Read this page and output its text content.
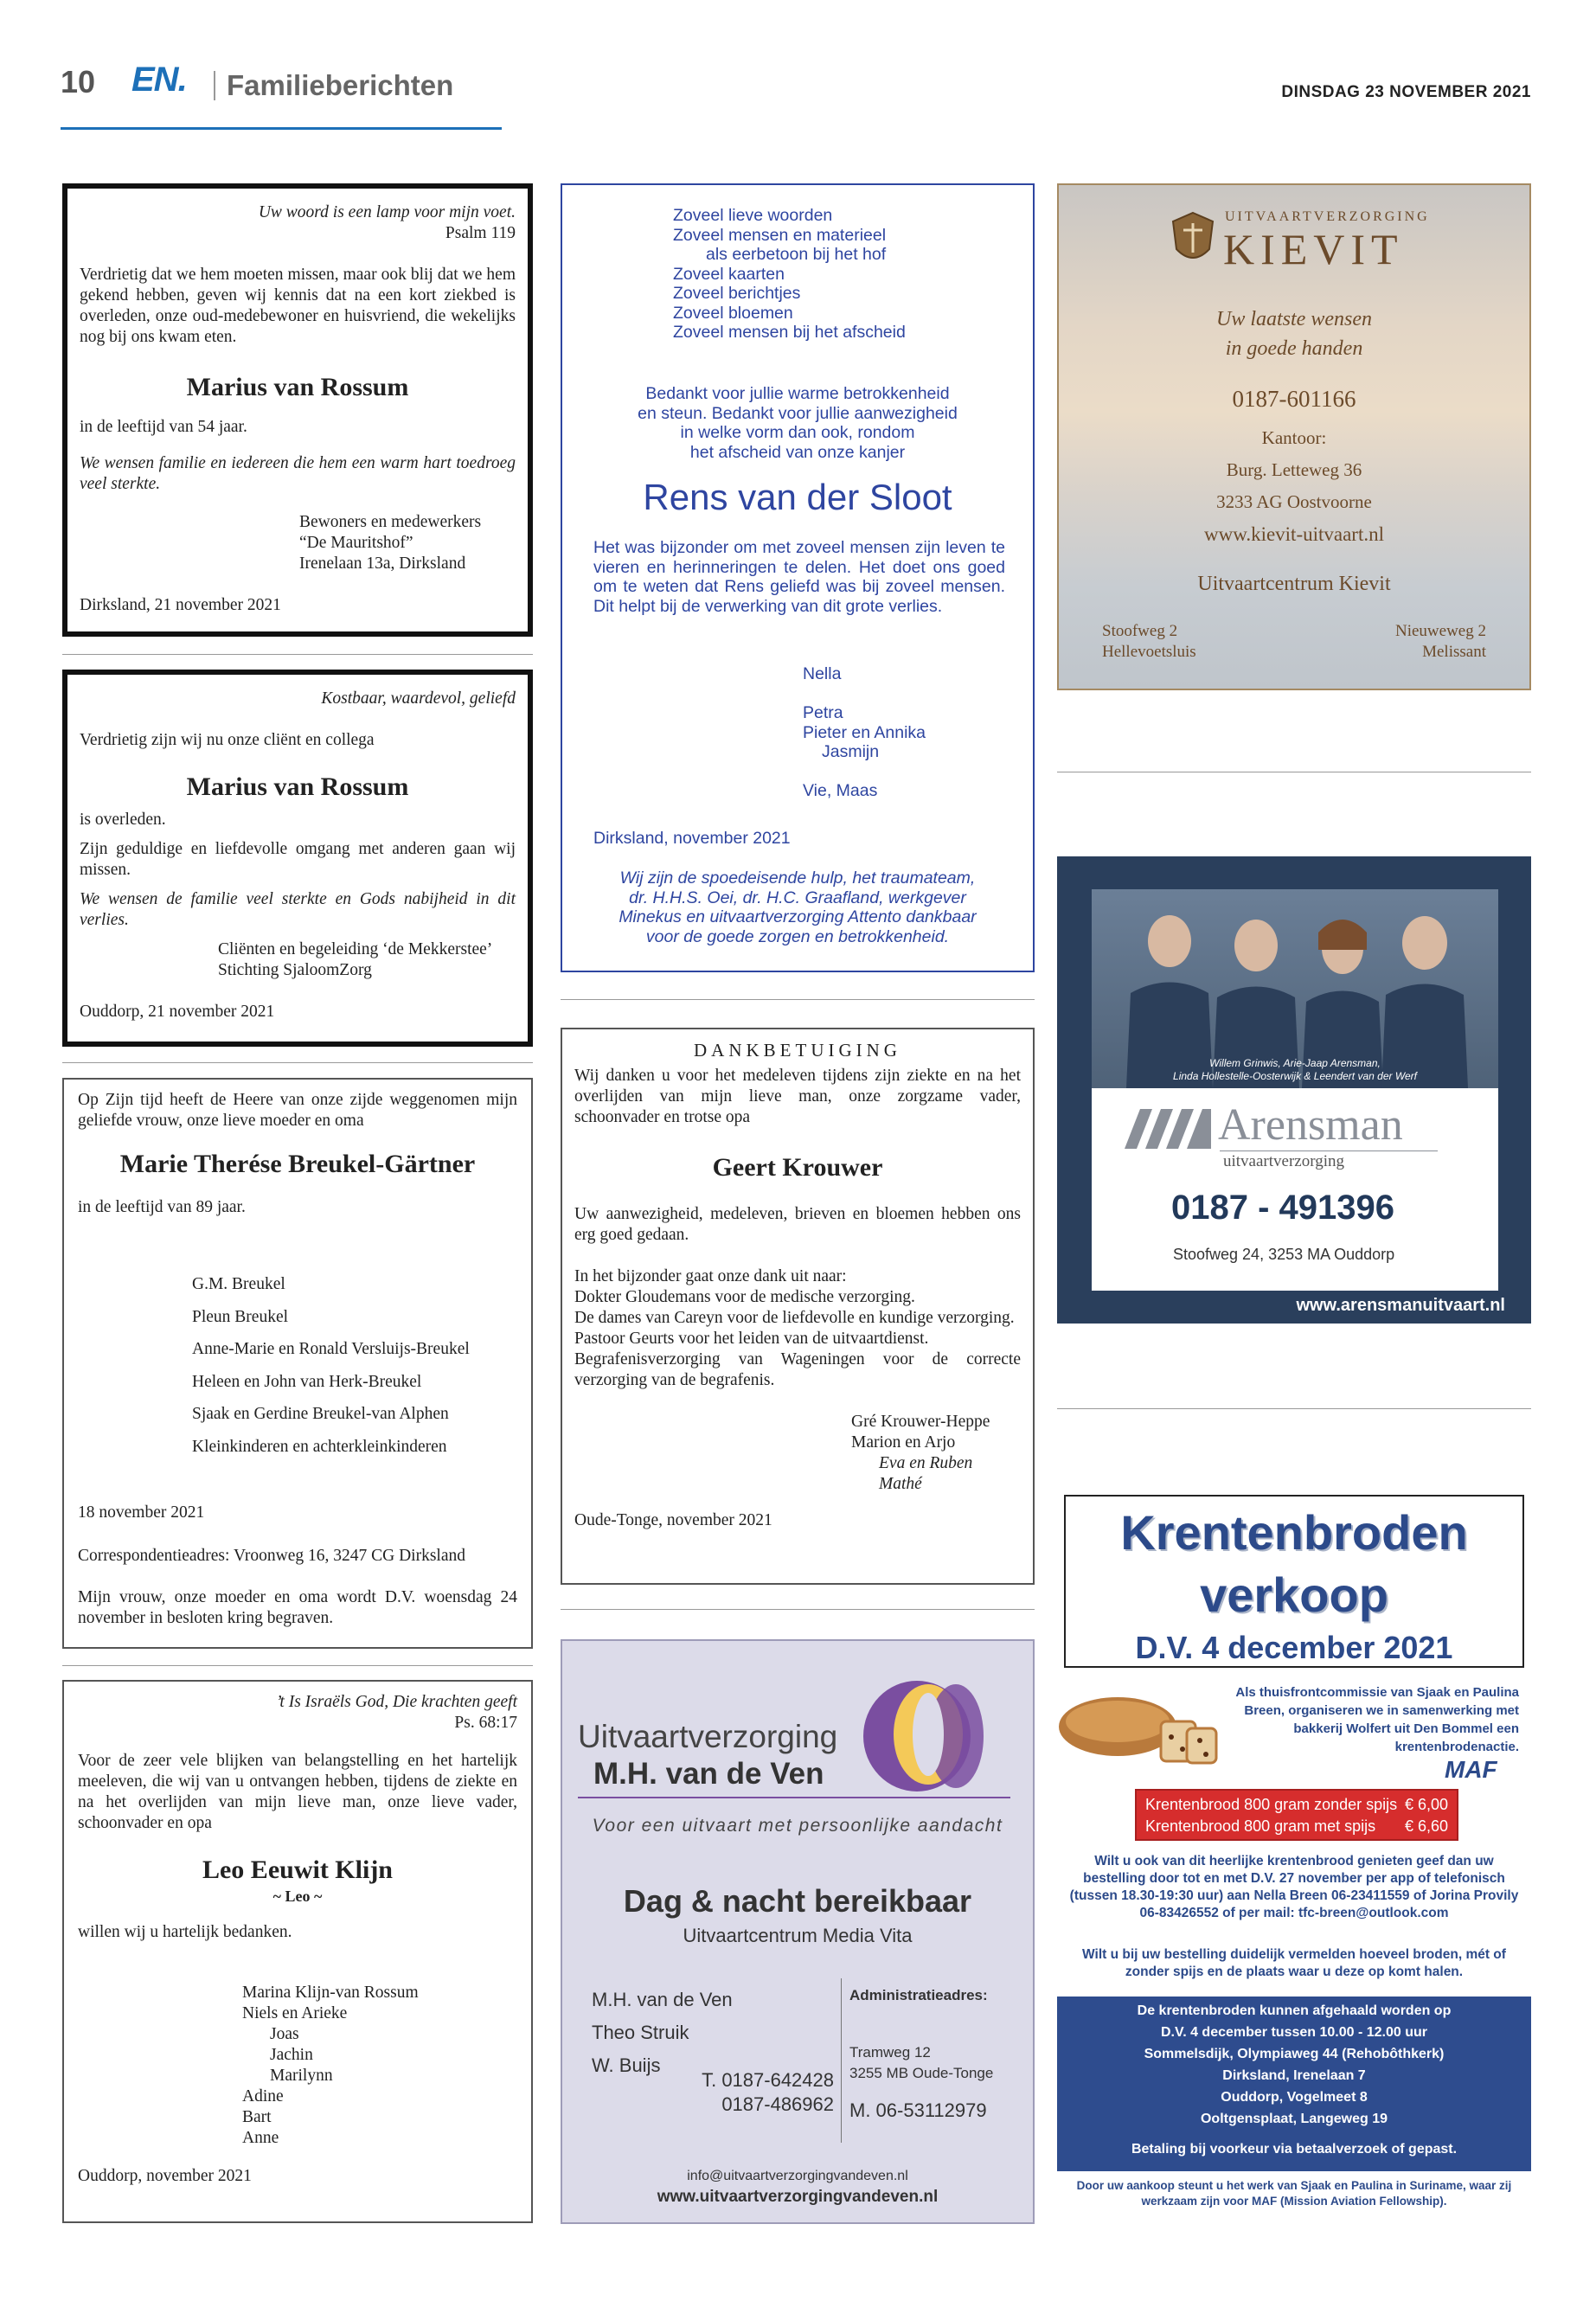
10 EN. Familieberichten	DINSDAG 23 NOVEMBER 2021

Uw woord is een lamp voor mijn voet.

Psalm 119

Verdrietig dat we hem moeten missen, maar ook blij dat we hem gekend hebben, geven wij kennis dat na een kort ziekbed is overleden, onze oud-medebewoner en huisvriend, die wekelijks nog bij ons kwam eten.

Marius van Rossum

in de leeftijd van 54 jaar.

We wensen familie en iedereen die hem een warm hart toedroeg veel sterkte.

Bewoners en medewerkers

“De Mauritshof”

Irenelaan 13a, Dirksland

Dirksland, 21 november 2021

Kostbaar, waardevol, geliefd

Verdrietig zijn wij nu onze cliënt en collega

Marius van Rossum

is overleden.

Zijn geduldige en liefdevolle omgang met anderen gaan wij missen.

We wensen de familie veel sterkte en Gods nabijheid in dit verlies.

Cliënten en begeleiding ‘de Mekkerstee’

Stichting SjaloomZorg

Ouddorp, 21 november 2021

Op Zijn tijd heeft de Heere van onze zijde weggenomen mijn geliefde vrouw, onze lieve moeder en oma

Marie Therése Breukel-Gärtner

in de leeftijd van 89 jaar.

G.M. Breukel

Pleun Breukel

Anne-Marie en Ronald Versluijs-Breukel

Heleen en John van Herk-Breukel

Sjaak en Gerdine Breukel-van Alphen

Kleinkinderen en achterkleinkinderen

18 november 2021

Correspondentieadres: Vroonweg 16, 3247 CG Dirksland

Mijn vrouw, onze moeder en oma wordt D.V. woensdag 24 november in besloten kring begraven.

’t Is Israëls God, Die krachten geeft

Ps. 68:17

Voor de zeer vele blijken van belangstelling en het hartelijk meeleven, die wij van u ontvangen hebben, tijdens de ziekte en na het overlijden van mijn lieve man, onze lieve vader, schoonvader en opa

Leo Eeuwit Klijn

~ Leo ~

willen wij u hartelijk bedanken.

Marina Klijn-van Rossum

Niels en Arieke

Joas

Jachin

Marilynn

Adine

Bart

Anne

Ouddorp, november 2021

Zoveel lieve woorden
Zoveel mensen en materieel
als eerbetoon bij het hof
Zoveel kaarten
Zoveel berichtjes
Zoveel bloemen
Zoveel mensen bij het afscheid
Bedankt voor jullie warme betrokkenheid
en steun. Bedankt voor jullie aanwezigheid
in welke vorm dan ook, rondom
het afscheid van onze kanjer
Rens van der Sloot

Het was bijzonder om met zoveel mensen zijn leven te vieren en herinneringen te delen. Het doet ons goed om te weten dat Rens geliefd was bij zoveel mensen. Dit helpt bij de verwerking van dit grote verlies.

Nella
Petra
Pieter en Annika
Jasmijn
Vie, Maas

Dirksland, november 2021

Wij zijn de spoedeisende hulp, het traumateam,
dr. H.H.S. Oei, dr. H.C. Graafland, werkgever
Minekus en uitvaartverzorging Attento dankbaar
voor de goede zorgen en betrokkenheid.

DANKBETUIGING

Wij danken u voor het medeleven tijdens zijn ziekte en na het overlijden van mijn lieve man, onze zorgzame vader, schoonvader en trotse opa

Geert Krouwer

Uw aanwezigheid, medeleven, brieven en bloemen hebben ons erg goed gedaan.

In het bijzonder gaat onze dank uit naar:

Dokter Gloudemans voor de medische verzorging.

De dames van Careyn voor de liefdevolle en kundige verzorging.

Pastoor Geurts voor het leiden van de uitvaartdienst.

Begrafenisverzorging van Wageningen voor de correcte verzorging van de begrafenis.

Gré Krouwer-Heppe

Marion en Arjo

Eva en Ruben

Mathé

Oude-Tonge, november 2021

Uitvaartverzorging
M.H. van de Ven
Voor een uitvaart met persoonlijke aandacht
Dag & nacht bereikbaar
Uitvaartcentrum Media Vita

M.H. van de Ven

Theo Struik

W. Buijs

T. 0187-642428

0187-486962

Administratieadres:

Tramweg 12

3255 MB Oude-Tonge

M. 06-53112979
info@uitvaartverzorgingvandeven.nl
www.uitvaartverzorgingvandeven.nl
UITVAARTVERZORGING
KIEVIT

Uw laatste wensen

in goede handen

0187-601166

Kantoor:

Burg. Letteweg 36

3233 AG Oostvoorne

www.kievit-uitvaart.nl

Uitvaartcentrum Kievit

Stoofweg 2

Hellevoetsluis

Nieuweweg 2

Melissant

Willem Grinwis, Arie-Jaap Arensman,

Linda Hollestelle-Oosterwijk & Leendert van der Werf

Arensman
uitvaartverzorging
0187 - 491396
Stoofweg 24, 3253 MA Ouddorp
www.arensmanuitvaart.nl

Krentenbroden

verkoop

D.V. 4 december 2021
Als thuisfrontcommissie van Sjaak en Paulina Breen, organiseren we in samenwerking met bakkerij Wolfert uit Den Bommel een krentenbrodenactie.
MAF
Krentenbrood 800 gram zonder spijs € 6,00
Krentenbrood 800 gram met spijs € 6,60
Wilt u ook van dit heerlijke krentenbrood genieten geef dan uw bestelling door tot en met D.V. 27 november per app of telefonisch (tussen 18.30-19:30 uur) aan Nella Breen 06-23411559 of Jorina Provily 06-83426552 of per mail: tfc-breen@outlook.com
Wilt u bij uw bestelling duidelijk vermelden hoeveel broden, mét of zonder spijs en de plaats waar u deze op komt halen.

De krentenbroden kunnen afgehaald worden op

D.V. 4 december tussen 10.00 - 12.00 uur

Sommelsdijk, Olympiaweg 44 (Rehobôthkerk)

Dirksland, Irenelaan 7

Ouddorp, Vogelmeet 8

Ooltgensplaat, Langeweg 19

Betaling bij voorkeur via betaalverzoek of gepast.

Door uw aankoop steunt u het werk van Sjaak en Paulina in Suriname, waar zij werkzaam zijn voor MAF (Mission Aviation Fellowship).
